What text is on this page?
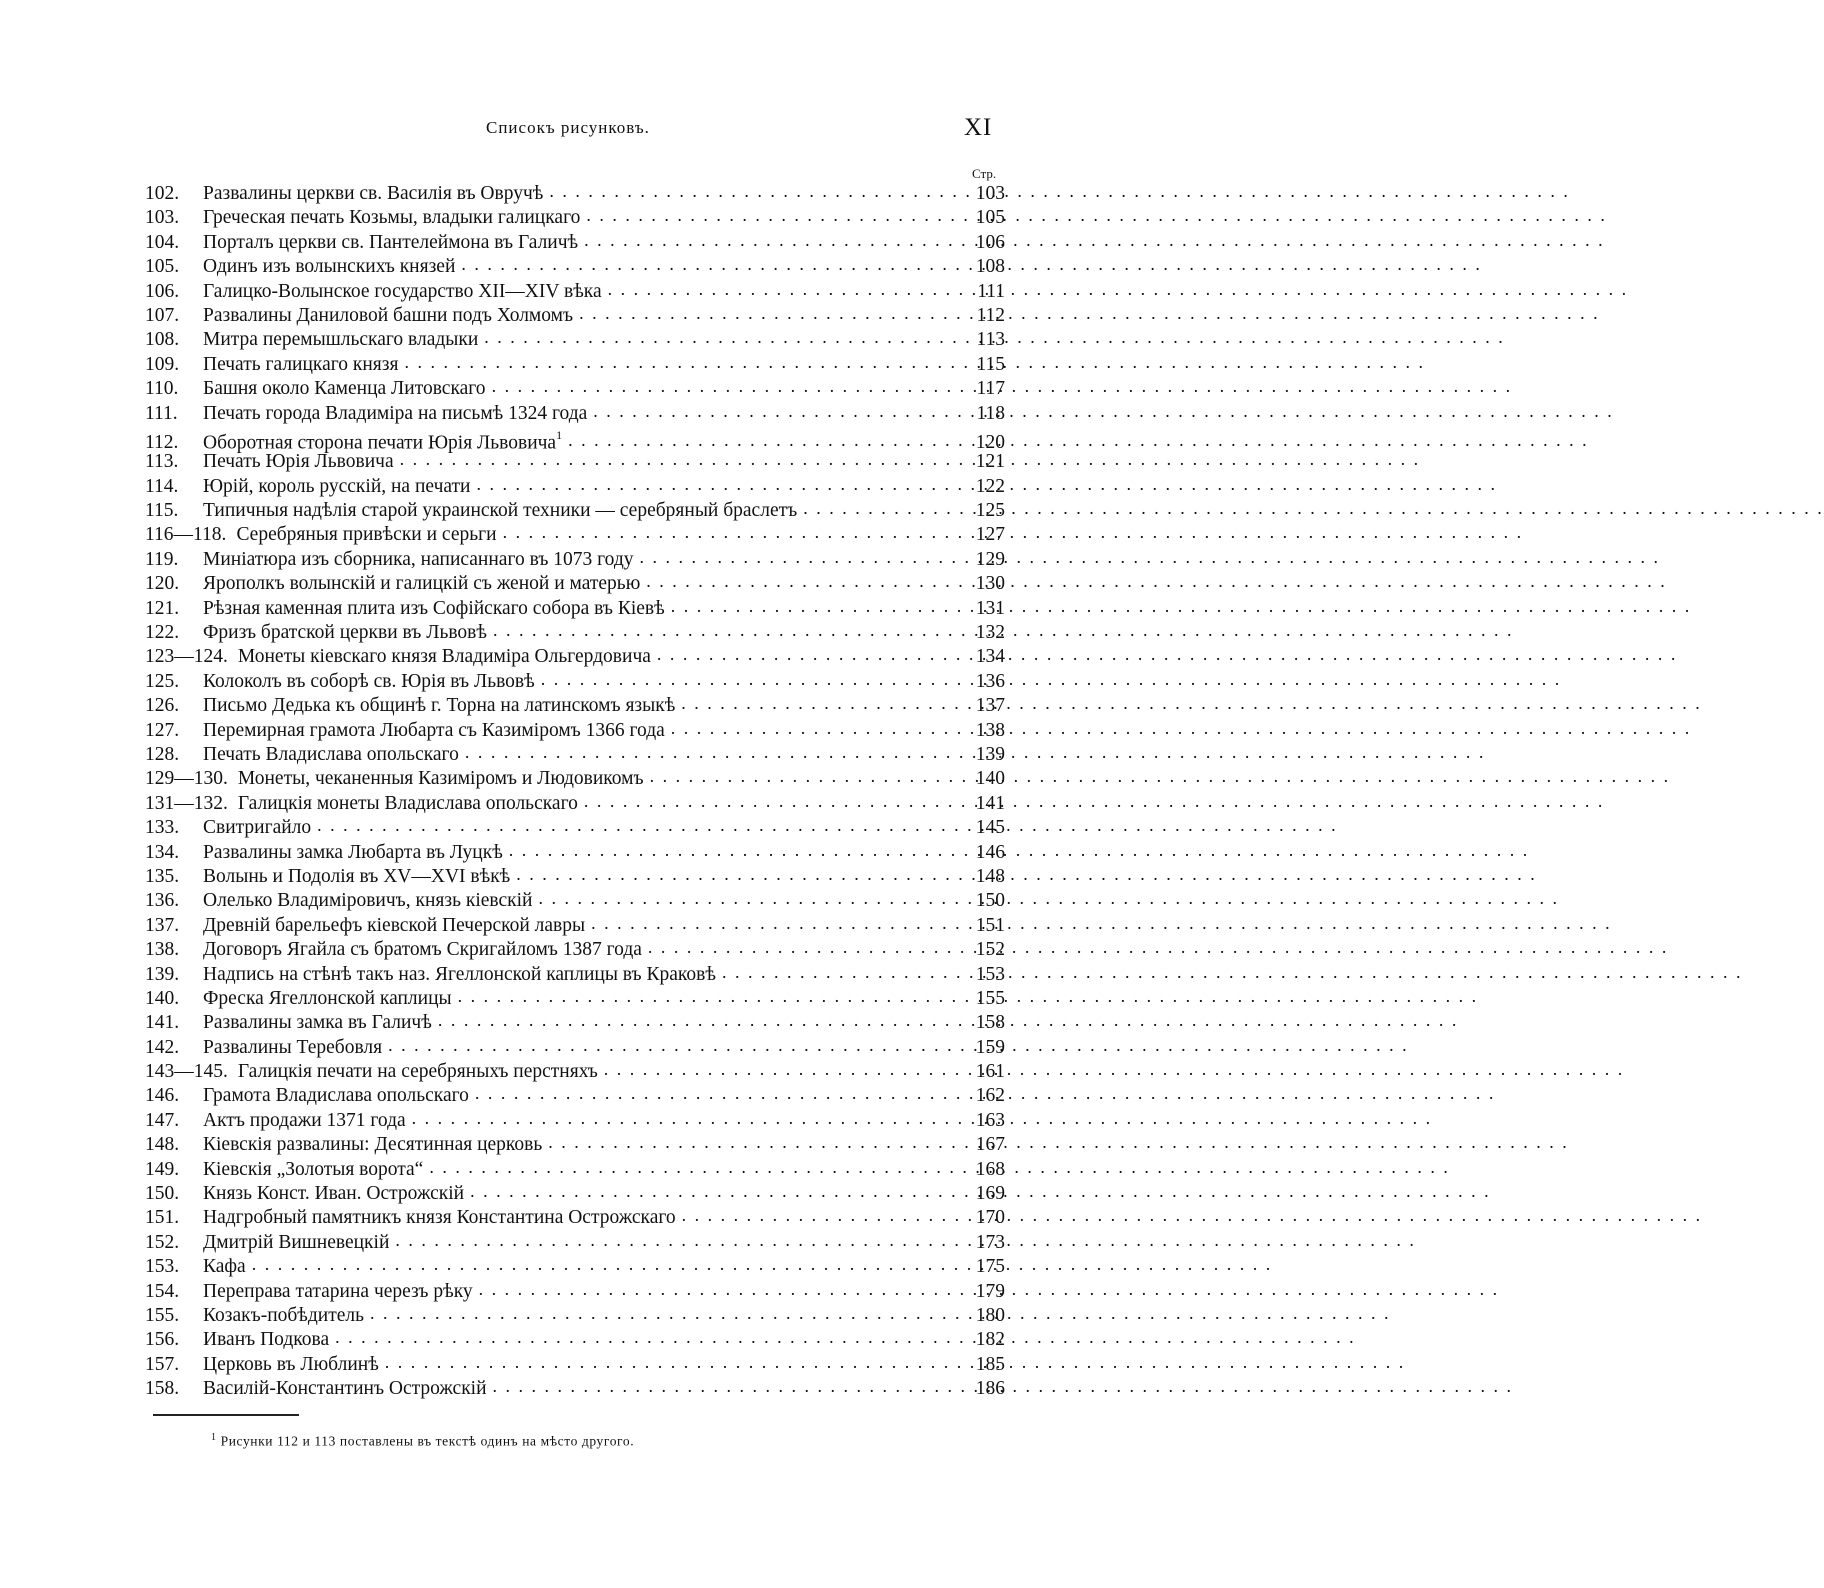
Списокъ рисунковъ.	XI
Стр.
102.	Развалины церкви св. Василія въ Овручѣ . . .	103
103.	Греческая печать Козьмы, владыки галицкаго . . .	105
104.	Порталъ церкви св. Пантелеймона въ Галичѣ . . .	106
105.	Одинъ изъ волынскихъ князей . . .	108
106.	Галицко-Волынское государство XII—XIV вѣка . . .	111
107.	Развалины Даниловой башни подъ Холмомъ . . .	112
108.	Митра перемышльскаго владыки . . .	113
109.	Печать галицкаго князя . . .	115
110.	Башня около Каменца Литовскаго . . .	117
111.	Печать города Владиміра на письмѣ 1324 года . . .	118
112.	Оборотная сторона печати Юрія Львовича$^1$ . . .	120
113.	Печать Юрія Львовича . . .	121
114.	Юрій, король русскій, на печати . . .	122
115.	Типичныя надѣлія старой украинской техники — серебряный браслетъ . . .	125
116—118. Серебряныя привѣски и серьги . . .	127
119.	Миніатюра изъ сборника, написаннаго въ 1073 году . . .	129
120.	Ярополкъ волынскій и галицкій съ женой и матерью . . .	130
121.	Рѣзная каменная плита изъ Софійскаго собора въ Кіевѣ . . .	131
122.	Фризъ братской церкви въ Львовѣ . . .	132
123—124. Монеты кіевскаго князя Владиміра Ольгердовича . . .	134
125.	Колоколъ въ соборѣ св. Юрія въ Львовѣ . . .	136
126.	Письмо Дедька къ общинѣ г. Торна на латинскомъ языкѣ . . .	137
127.	Перемирная грамота Любарта съ Казиміромъ 1366 года . . .	138
128.	Печать Владислава опольскаго . . .	139
129—130. Монеты, чеканенныя Казиміромъ и Людовикомъ . . .	140
131—132. Галицкія монеты Владислава опольскаго . . .	141
133.	Свитригайло . . .	145
134.	Развалины замка Любарта въ Луцкѣ . . .	146
135.	Волынь и Подолія въ XV—XVI вѣкѣ . . .	148
136.	Олелько Владиміровичъ, князь кіевскій . . .	150
137.	Древній барельефъ кіевской Печерской лавры . . .	151
138.	Договоръ Ягайла съ братомъ Скригайломъ 1387 года . . .	152
139.	Надпись на стѣнѣ такъ наз. Ягеллонской каплицы въ Краковѣ . . .	153
140.	Фреска Ягеллонской каплицы . . .	155
141.	Развалины замка въ Галичѣ . . .	158
142.	Развалины Теребовля . . .	159
143—145. Галицкія печати на серебряныхъ перстняхъ . . .	161
146.	Грамота Владислава опольскаго . . .	162
147.	Актъ продажи 1371 года . . .	163
148.	Кіевскія развалины: Десятинная церковь . . .	167
149.	Кіевскія „Золотыя ворота“ . . .	168
150.	Князь Конст. Иван. Острожскій . . .	169
151.	Надгробный памятникъ князя Константина Острожскаго . . .	170
152.	Дмитрій Вишневецкій . . .	173
153.	Кафа . . .	175
154.	Переправа татарина черезъ рѣку . . .	179
155.	Козакъ-побѣдитель . . .	180
156.	Иванъ Подкова . . .	182
157.	Церковь въ Люблинѣ . . .	185
158.	Василій-Константинъ Острожскій . . .	186
$^1$ Рисунки 112 и 113 поставлены въ текстѣ одинъ на мѣсто другого.
